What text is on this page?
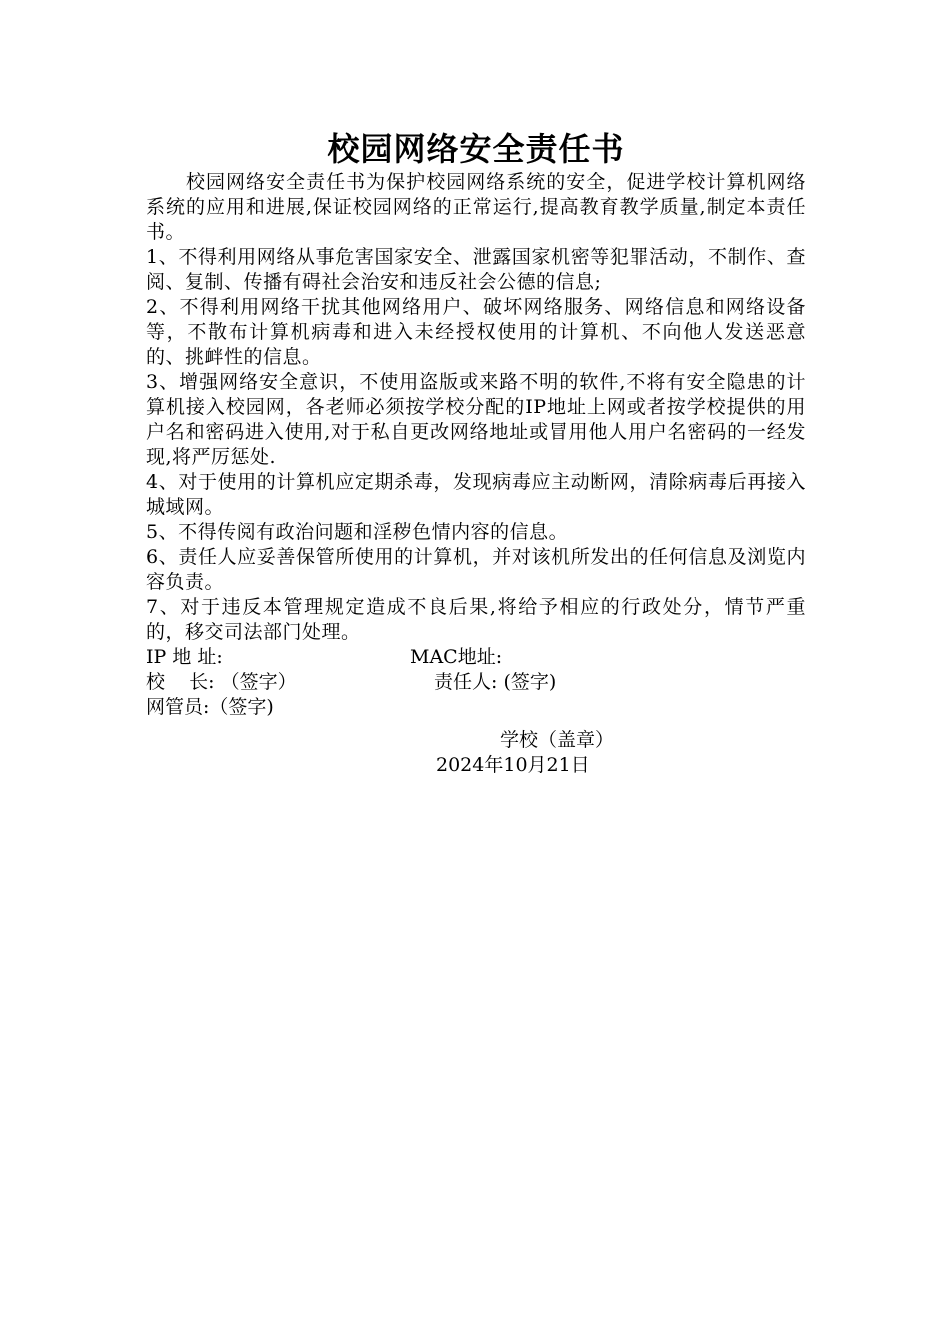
校园网络安全责任书

校园网络安全责任书为保护校园网络系统的安全，促进学校计算机网络系统的应用和进展,保证校园网络的正常运行,提高教育教学质量,制定本责任书。

1、不得利用网络从事危害国家安全、泄露国家机密等犯罪活动，不制作、查阅、复制、传播有碍社会治安和违反社会公德的信息;

2、不得利用网络干扰其他网络用户、破坏网络服务、网络信息和网络设备等，不散布计算机病毒和进入未经授权使用的计算机、不向他人发送恶意的、挑衅性的信息。

3、增强网络安全意识，不使用盗版或来路不明的软件,不将有安全隐患的计算机接入校园网，各老师必须按学校分配的IP地址上网或者按学校提供的用户名和密码进入使用,对于私自更改网络地址或冒用他人用户名密码的一经发现,将严厉惩处.

4、对于使用的计算机应定期杀毒，发现病毒应主动断网，清除病毒后再接入城域网。

5、不得传阅有政治问题和淫秽色情内容的信息。

6、责任人应妥善保管所使用的计算机，并对该机所发出的任何信息及浏览内容负责。

7、对于违反本管理规定造成不良后果,将给予相应的行政处分，情节严重的，移交司法部门处理。

IP 地 址:	MAC地址:
校    长: （签字）	责任人: (签字)
网管员:（签字)
学校（盖章）
2024年10月21日
